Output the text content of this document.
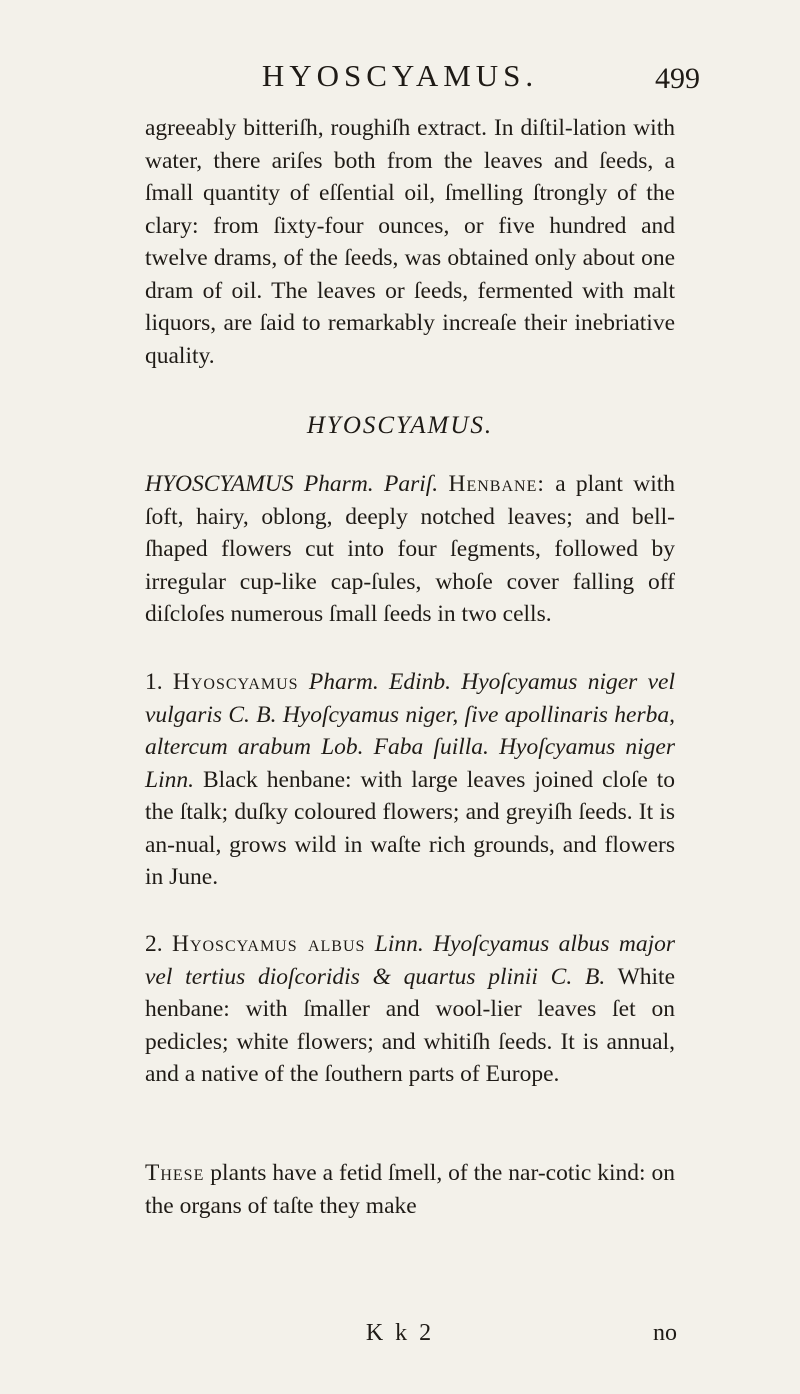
HYOSCYAMUS.	499

agreeably bitteriſh, roughiſh extract. In diſtil-lation with water, there ariſes both from the leaves and ſeeds, a ſmall quantity of eſſential oil, ſmelling ſtrongly of the clary: from ſixty-four ounces, or five hundred and twelve drams, of the ſeeds, was obtained only about one dram of oil. The leaves or ſeeds, fermented with malt liquors, are ſaid to remarkably increaſe their inebriative quality.

HYOSCYAMUS.

HYOSCYAMUS Pharm. Pariſ. Henbane: a plant with ſoft, hairy, oblong, deeply notched leaves; and bell-ſhaped flowers cut into four ſegments, followed by irregular cup-like cap-ſules, whoſe cover falling off diſcloſes numerous ſmall ſeeds in two cells.

1. Hyoscyamus Pharm. Edinb. Hyoſcyamus niger vel vulgaris C. B. Hyoſcyamus niger, ſive apollinaris herba, altercum arabum Lob. Faba ſuilla. Hyoſcyamus niger Linn. Black henbane: with large leaves joined cloſe to the ſtalk; duſky coloured flowers; and greyiſh ſeeds. It is an-nual, grows wild in waſte rich grounds, and flowers in June.

2. Hyoscyamus albus Linn. Hyoſcyamus albus major vel tertius dioſcoridis & quartus plinii C. B. White henbane: with ſmaller and wool-lier leaves ſet on pedicles; white flowers; and whitiſh ſeeds. It is annual, and a native of the ſouthern parts of Europe.

These plants have a fetid ſmell, of the nar-cotic kind: on the organs of taſte they make

K k 2	no
